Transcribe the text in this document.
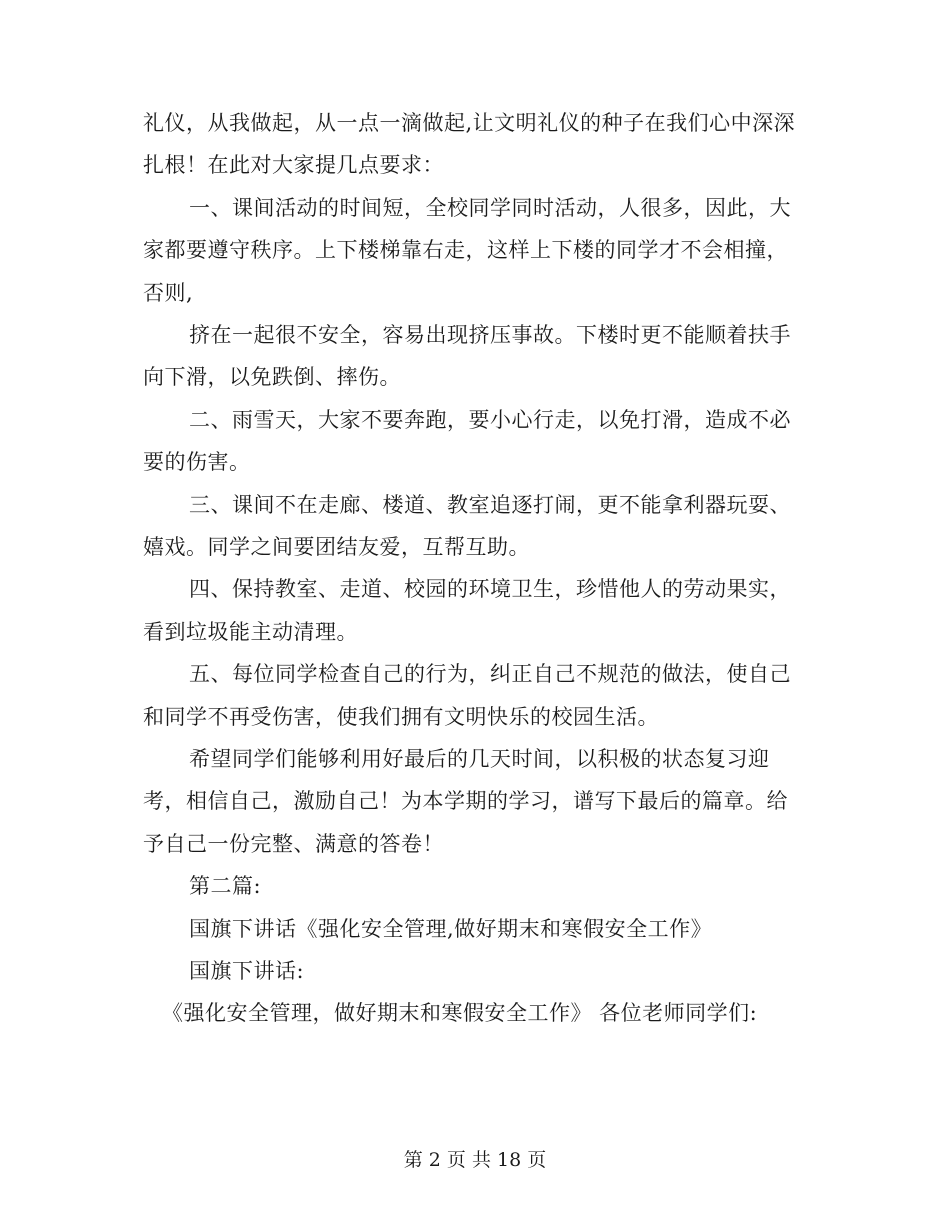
礼仪，从我做起，从一点一滴做起,让文明礼仪的种子在我们心中深深
扎根！在此对大家提几点要求：
一、课间活动的时间短，全校同学同时活动，人很多，因此，大
家都要遵守秩序。上下楼梯靠右走，这样上下楼的同学才不会相撞，
否则,
挤在一起很不安全，容易出现挤压事故。下楼时更不能顺着扶手
向下滑，以免跌倒、摔伤。
二、雨雪天，大家不要奔跑，要小心行走，以免打滑，造成不必
要的伤害。
三、课间不在走廊、楼道、教室追逐打闹，更不能拿利器玩耍、
嬉戏。同学之间要团结友爱，互帮互助。
四、保持教室、走道、校园的环境卫生，珍惜他人的劳动果实，
看到垃圾能主动清理。
五、每位同学检查自己的行为，纠正自己不规范的做法，使自己
和同学不再受伤害，使我们拥有文明快乐的校园生活。
希望同学们能够利用好最后的几天时间，以积极的状态复习迎
考，相信自己，激励自己！为本学期的学习，谱写下最后的篇章。给
予自己一份完整、满意的答卷！
第二篇:
国旗下讲话《强化安全管理,做好期末和寒假安全工作》
国旗下讲话:
《强化安全管理，做好期末和寒假安全工作》 各位老师同学们:
第 2 页 共 18 页
